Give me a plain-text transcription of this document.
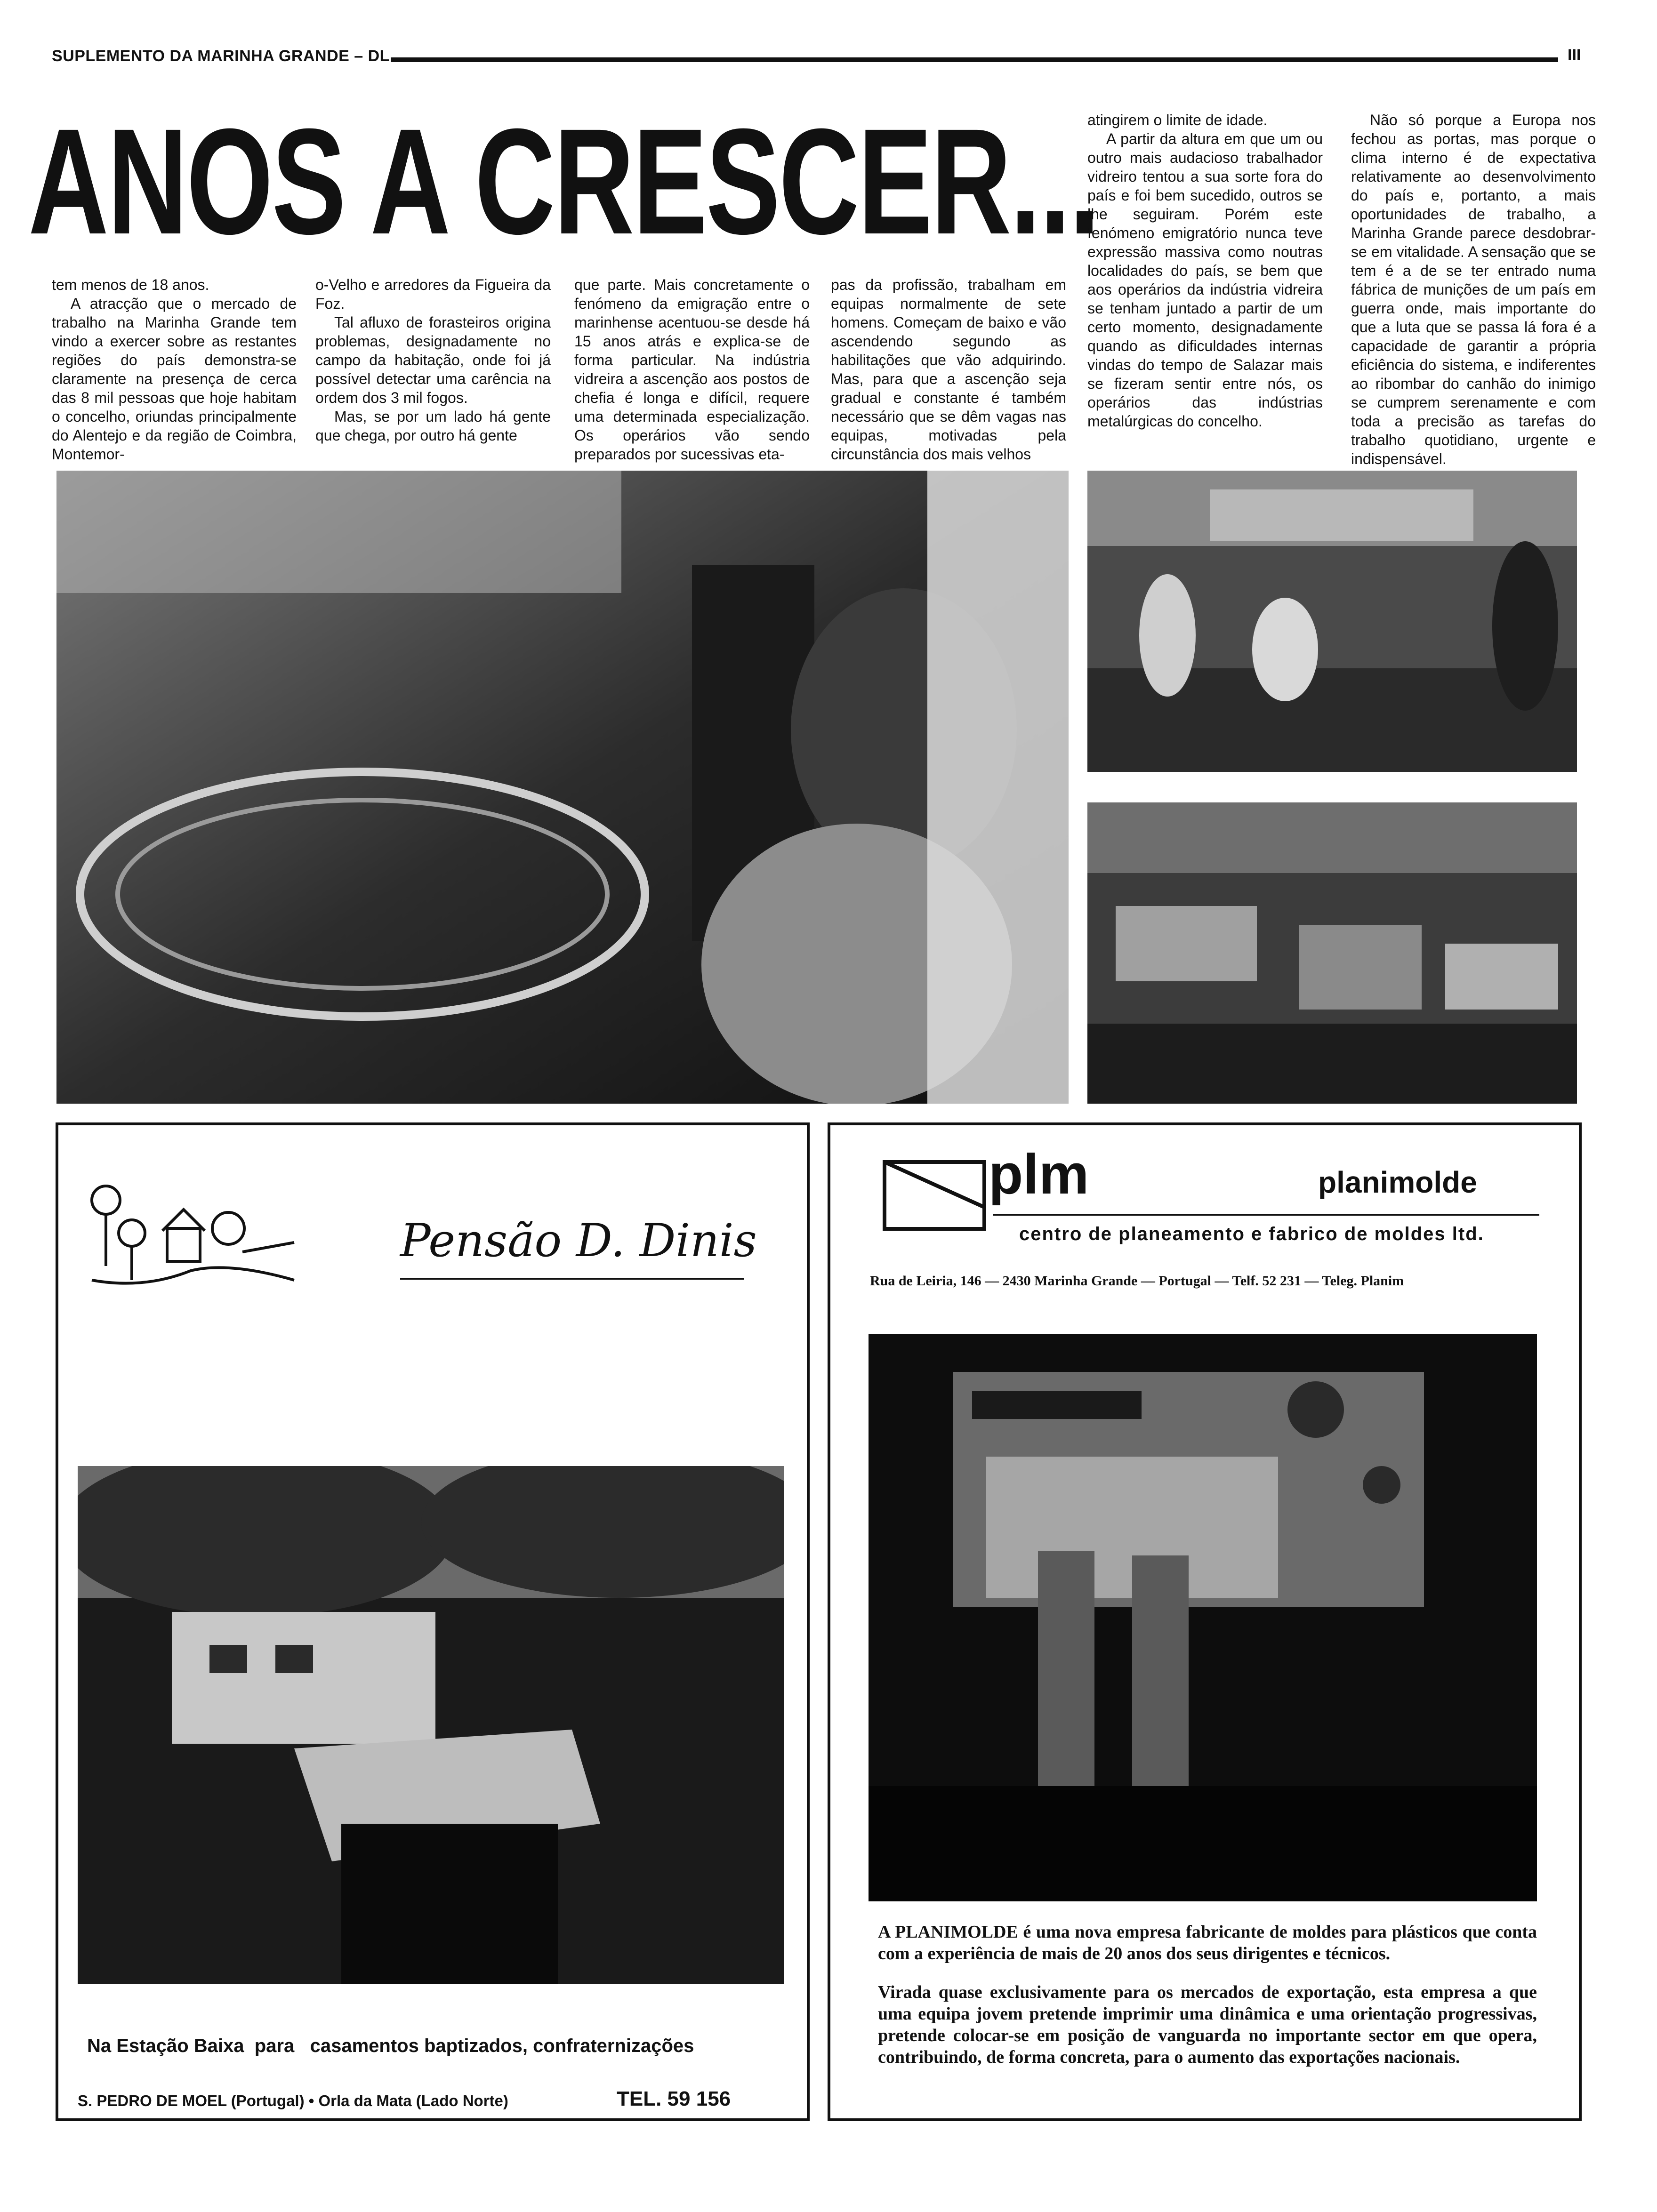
SUPLEMENTO DA MARINHA GRANDE – DL	III
ANOS A CRESCER...

tem menos de 18 anos.

A atracção que o mercado de trabalho na Marinha Grande tem vindo a exercer sobre as restantes regiões do país demonstra-se claramente na presença de cerca das 8 mil pessoas que hoje habitam o concelho, oriundas principalmente do Alentejo e da região de Coimbra, Montemor-

o-Velho e arredores da Figueira da Foz.

Tal afluxo de forasteiros origina problemas, designadamente no campo da habitação, onde foi já possível detectar uma carência na ordem dos 3 mil fogos.

Mas, se por um lado há gente que chega, por outro há gente

que parte. Mais concretamente o fenómeno da emigração entre o marinhense acentuou-se desde há 15 anos atrás e explica-se de forma particular. Na indústria vidreira a ascenção aos postos de chefia é longa e difícil, requere uma determinada especialização. Os operários vão sendo preparados por sucessivas eta-

pas da profissão, trabalham em equipas normalmente de sete homens. Começam de baixo e vão ascendendo segundo as habilitações que vão adquirindo. Mas, para que a ascenção seja gradual e constante é também necessário que se dêm vagas nas equipas, motivadas pela circunstância dos mais velhos

atingirem o limite de idade.

A partir da altura em que um ou outro mais audacioso trabalhador vidreiro tentou a sua sorte fora do país e foi bem sucedido, outros se lhe seguiram. Porém este fenómeno emigratório nunca teve expressão massiva como noutras localidades do país, se bem que aos operários da indústria vidreira se tenham juntado a partir de um certo momento, designadamente quando as dificuldades internas vindas do tempo de Salazar mais se fizeram sentir entre nós, os operários das indústrias metalúrgicas do concelho.

Não só porque a Europa nos fechou as portas, mas porque o clima interno é de expectativa relativamente ao desenvolvimento do país e, portanto, a mais oportunidades de trabalho, a Marinha Grande parece desdobrar-se em vitalidade. A sensação que se tem é a de se ter entrado numa fábrica de munições de um país em guerra onde, mais importante do que a luta que se passa lá fora é a capacidade de garantir a própria eficiência do sistema, e indiferentes ao ribombar do canhão do inimigo se cumprem serenamente e com toda a precisão as tarefas do trabalho quotidiano, urgente e indispensável.

Pensão D. Dinis
Na Estação Baixa para casamentos baptizados, confraternizações
S. PEDRO DE MOEL (Portugal) • Orla da Mata (Lado Norte)	TEL. 59 156
plm	planimolde
centro de planeamento e fabrico de moldes ltd.
Rua de Leiria, 146 — 2430 Marinha Grande — Portugal — Telf. 52 231 — Teleg. Planim
A PLANIMOLDE é uma nova empresa fabricante de moldes para plásticos que conta com a experiência de mais de 20 anos dos seus dirigentes e técnicos.
Virada quase exclusivamente para os mercados de exportação, esta empresa a que uma equipa jovem pretende imprimir uma dinâmica e uma orientação progressivas, pretende colocar-se em posição de vanguarda no importante sector em que opera, contribuindo, de forma concreta, para o aumento das exportações nacionais.
